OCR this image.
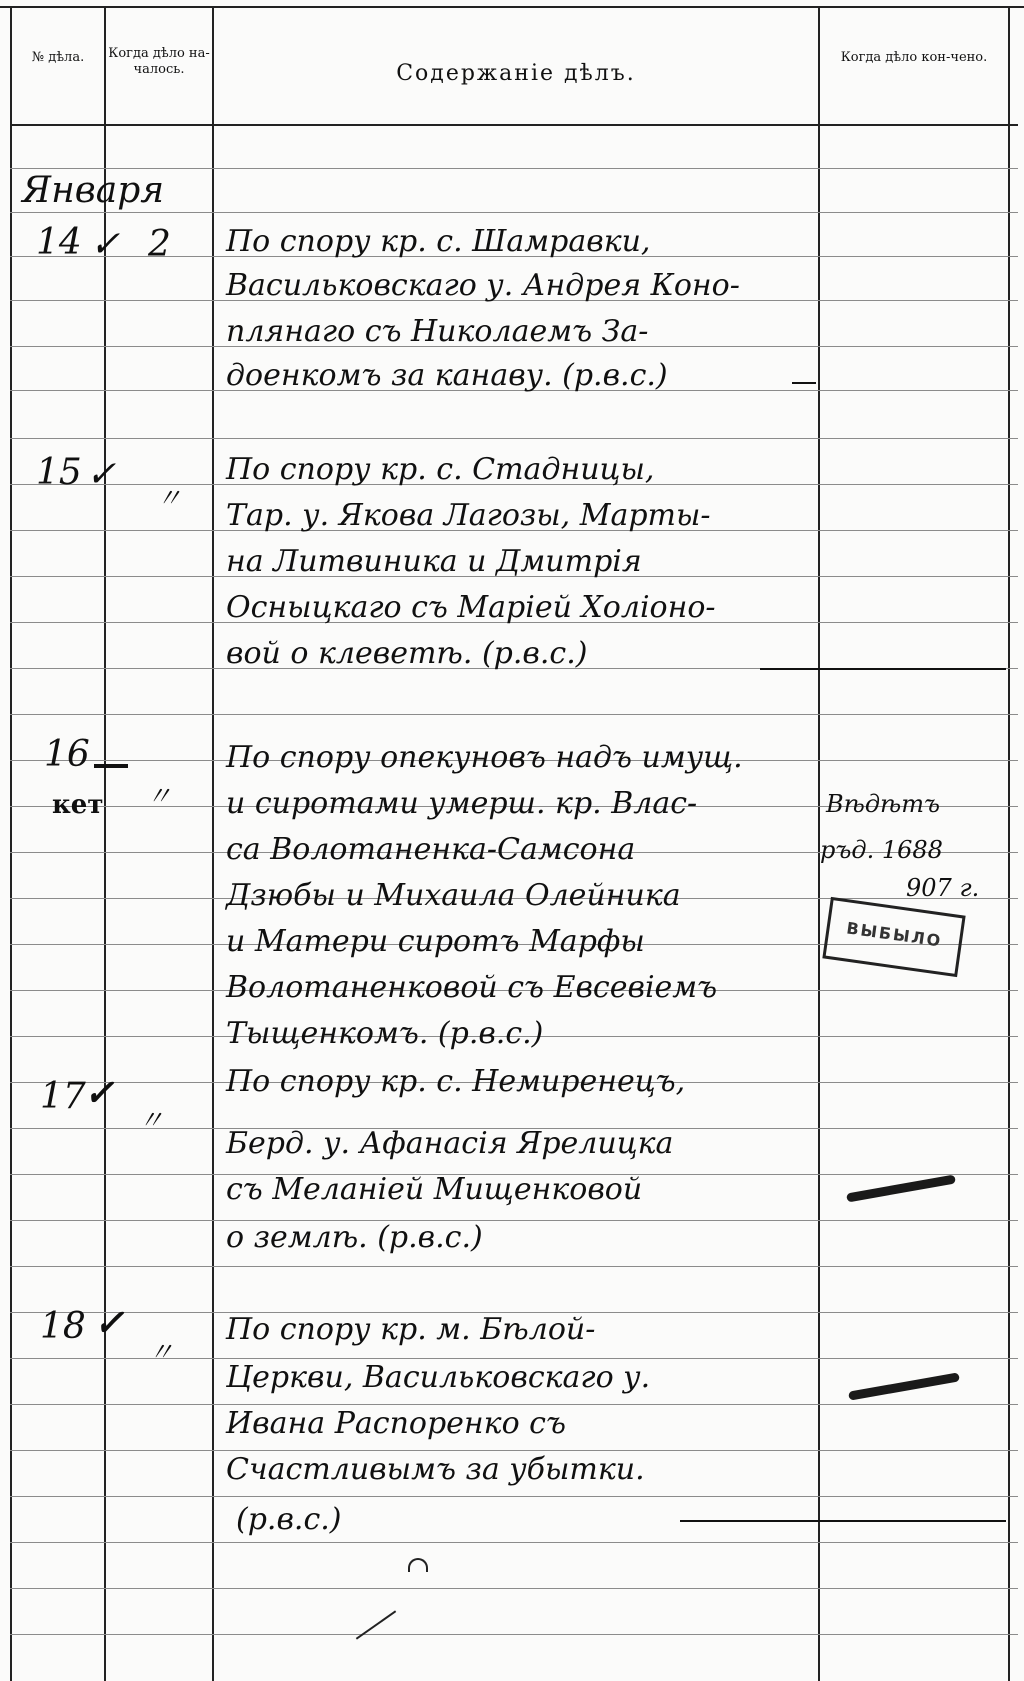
№ дѣла.	Когда дѣло на-чалось.	Содержаніе дѣлъ.
Когда дѣло кон-чено.
Января
14 ✓ 2 По спору кр. с. Шамравки,
Васильковскаго у. Андрея Коно-
плянаго съ Николаемъ За-
доенкомъ за канаву. (р.в.с.)
15 ✓
〃
По спору кр. с. Стадницы,
Тар. у. Якова Лагозы, Марты-
на Литвиника и Дмитрія
Осныцкаго съ Маріей Холіоно-
вой о клеветѣ. (р.в.с.)
16
кет 〃
По спору опекуновъ надъ имущ.
и сиротами умерш. кр. Влас-
са Волотаненка-Самсона
Дзюбы и Михаила Олейника
и Матери сиротъ Марфы
Волотаненковой съ Евсевіемъ
Тыщенкомъ. (р.в.с.)
Вѣдѣтъ
ръд. 1688
907 г.
ВЫБЫЛО
17
✓
〃
По спору кр. с. Немиренецъ,
Берд. у. Афанасія Ярелицка
съ Меланіей Мищенковой
о землѣ. (р.в.с.)
18 ✓
〃
По спору кр. м. Бѣлой-
Церкви, Васильковскаго у.
Ивана Распоренко съ
Счастливымъ за убытки.
(р.в.с.)
